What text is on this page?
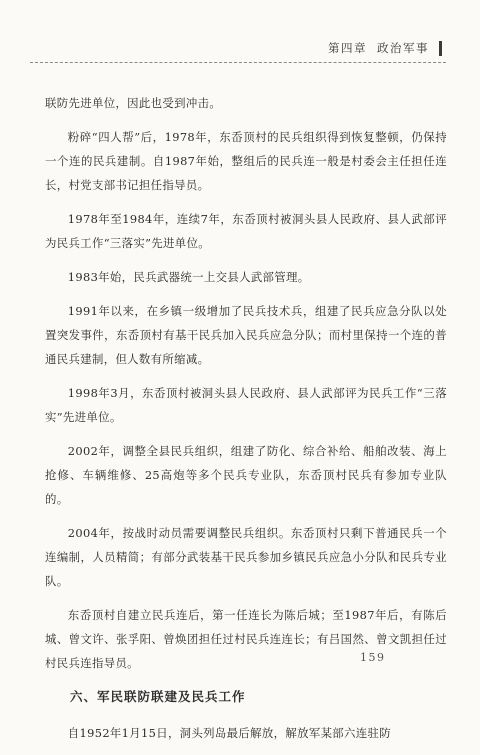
第四章 政治军事

联防先进单位，因此也受到冲击。

粉碎“四人帮”后，1978年，东岙顶村的民兵组织得到恢复整顿，仍保持一个连的民兵建制。自1987年始，整组后的民兵连一般是村委会主任担任连长，村党支部书记担任指导员。

1978年至1984年，连续7年，东岙顶村被洞头县人民政府、县人武部评为民兵工作“三落实”先进单位。

1983年始，民兵武器统一上交县人武部管理。

1991年以来，在乡镇一级增加了民兵技术兵，组建了民兵应急分队以处置突发事件，东岙顶村有基干民兵加入民兵应急分队；而村里保持一个连的普通民兵建制，但人数有所缩减。

1998年3月，东岙顶村被洞头县人民政府、县人武部评为民兵工作“三落实”先进单位。

2002年，调整全县民兵组织，组建了防化、综合补给、船舶改装、海上抢修、车辆维修、25高炮等多个民兵专业队，东岙顶村民兵有参加专业队的。

2004年，按战时动员需要调整民兵组织。东岙顶村只剩下普通民兵一个连编制，人员精简；有部分武装基干民兵参加乡镇民兵应急小分队和民兵专业队。

东岙顶村自建立民兵连后，第一任连长为陈后城；至1987年后，有陈后城、曾文许、张孚阳、曾焕团担任过村民兵连连长；有吕国然、曾文凯担任过村民兵连指导员。

六、军民联防联建及民兵工作

自1952年1月15日，洞头列岛最后解放，解放军某部六连驻防

159
